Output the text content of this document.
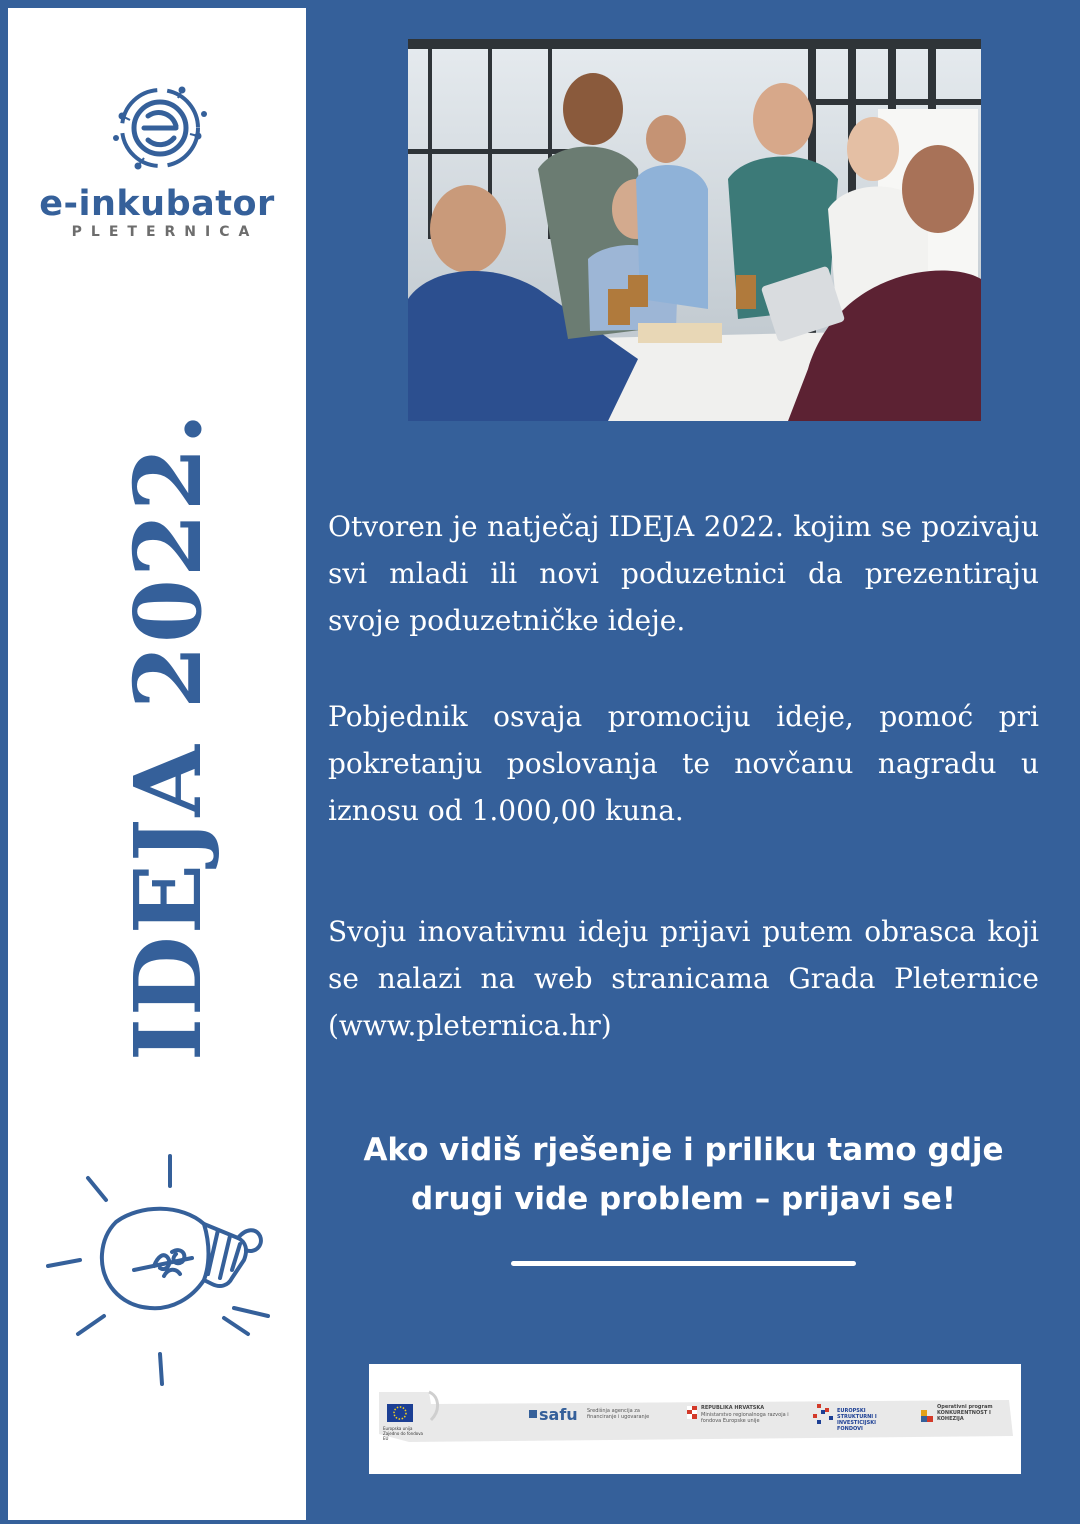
e-inkubator
PLETERNICA
IDEJA 2022.	Otvoren je natječaj IDEJA 2022. kojim se pozivaju svi mladi ili novi poduzetnici da prezentiraju svoje poduzetničke ideje.

Pobjednik osvaja promociju ideje, pomoć pri pokretanju poslovanja te novčanu nagradu u iznosu od 1.000,00 kuna.

Svoju inovativnu ideju prijavi putem obrasca koji se nalazi na web stranicama Grada Pleternice (www.pleternica.hr)

Ako vidiš rješenje i priliku tamo gdje drugi vide problem – prijavi se!

Europska unija
Zajedno do fondova EU
safu Središnja agencija za financiranje i ugovaranje
REPUBLIKA HRVATSKA
Ministarstvo regionalnoga razvoja i fondova Europske unije
EUROPSKI STRUKTURNI I INVESTICIJSKI FONDOVI
Operativni program KONKURENTNOST I KOHEZIJA
